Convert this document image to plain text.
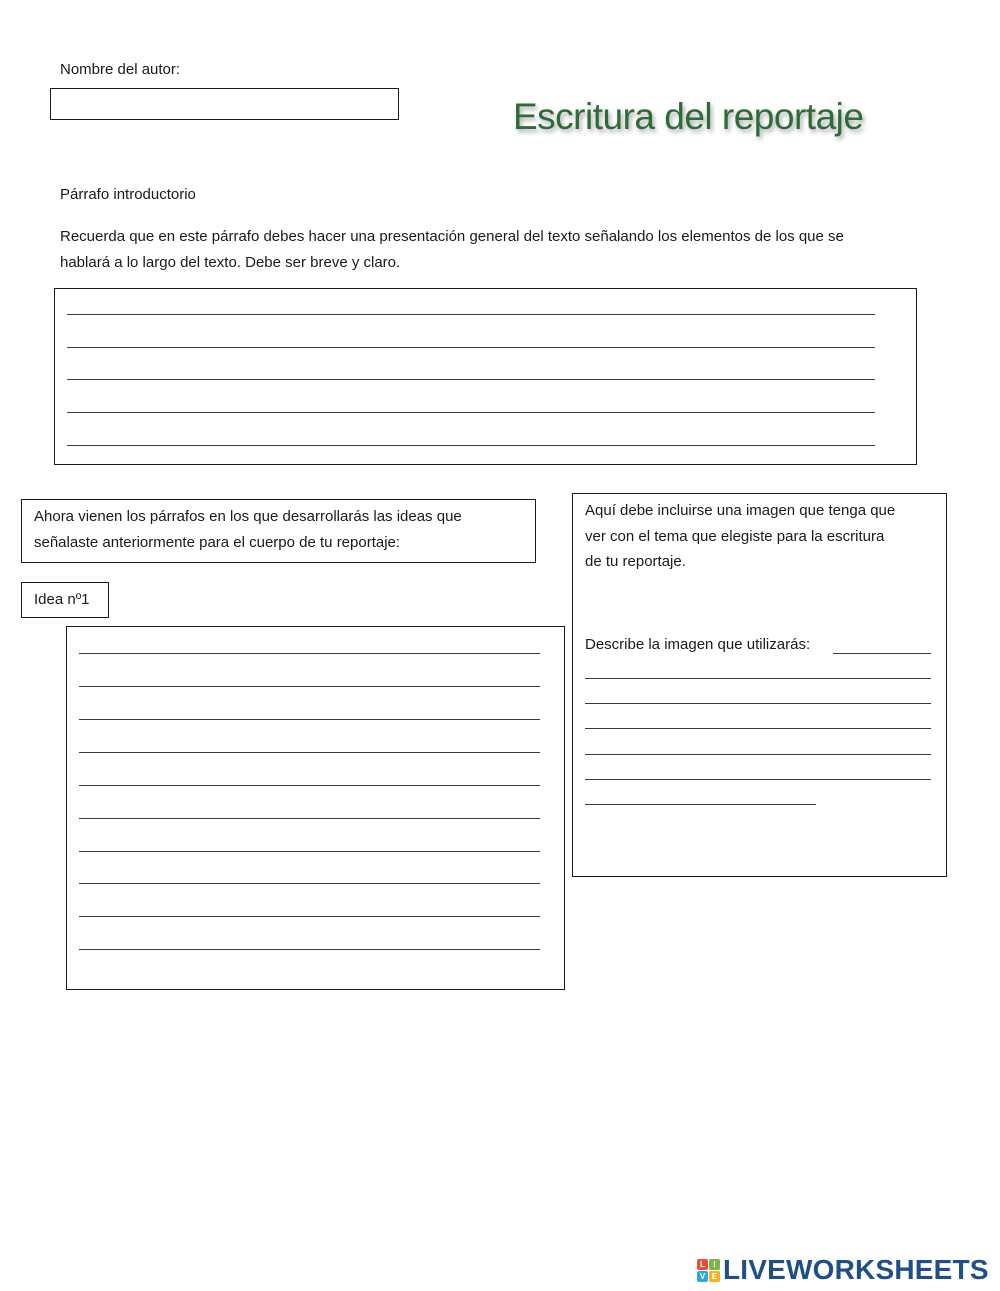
Nombre del autor:
Escritura del reportaje
Párrafo introductorio
Recuerda que en este párrafo debes hacer una presentación general del texto señalando los elementos de los que se
hablará a lo largo del texto. Debe ser breve y claro.
Ahora vienen los párrafos en los que desarrollarás las ideas que
señalaste anteriormente para el cuerpo de tu reportaje:
Idea nº1
Aquí debe incluirse una imagen que tenga que
ver con el tema que elegiste para la escritura
de tu reportaje.
Describe la imagen que utilizarás:
L	I
V E LIVEWORKSHEETS
